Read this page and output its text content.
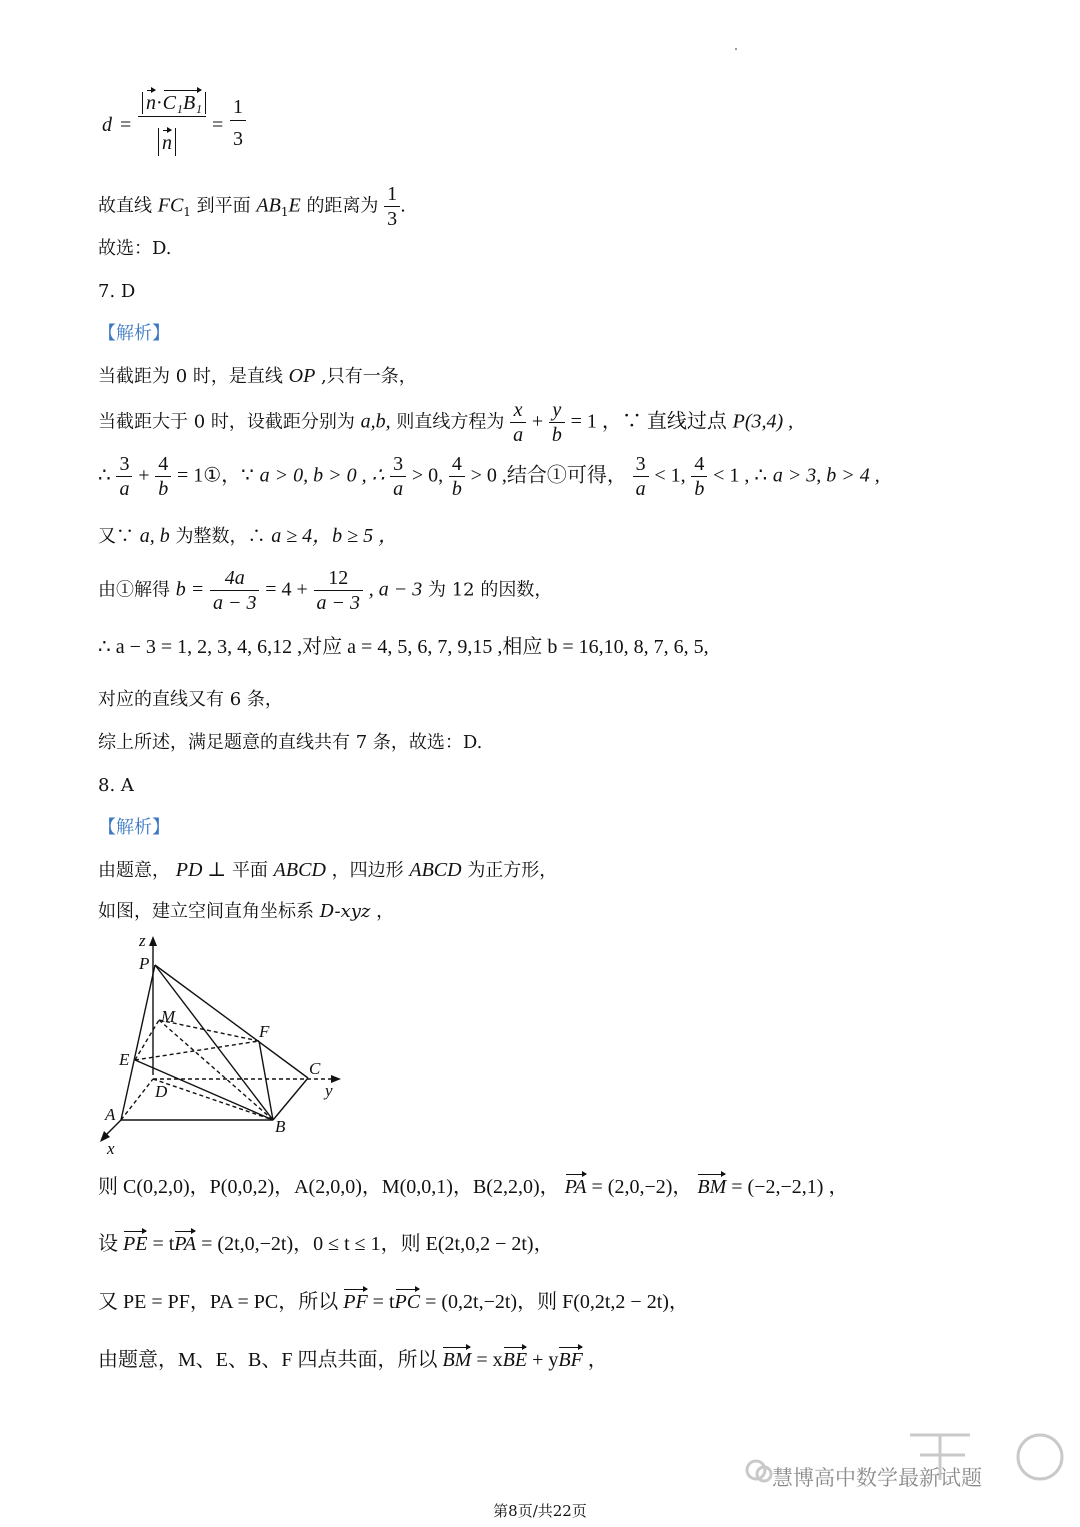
d =
n·C₁B₁
n
=
1
3
故直线 $FC_1$ 到平面 $AB_1E$ 的距离为 $\frac{1}{3}$ .
故选：D.
7. D
【解析】
当截距为 0 时，是直线 OP ,只有一条，
当截距大于 0 时，设截距分别为 a,b, 则直线方程为 $\frac{x}{a} + \frac{y}{b} = 1$ ，∵ 直线过点 P(3,4) ,
∴ $\frac{3}{a} + \frac{4}{b}$ = 1①，∵ a > 0, b > 0 , ∴ $\frac{3}{a} > 0$, $\frac{4}{b} > 0$ ,结合①可得， $\frac{3}{a} < 1$, $\frac{4}{b} < 1$ , ∴ a > 3, b > 4 ,
又∵ a, b 为整数，∴ a ≥ 4，b ≥ 5 ，
由①解得 $b = \frac{4a}{a - 3} = 4 + \frac{12}{a - 3}$ , a − 3 为 12 的因数，
∴ a − 3 = 1, 2, 3, 4, 6,12 ,对应 a = 4, 5, 6, 7, 9,15 ,相应 b = 16,10, 8, 7, 6, 5,
对应的直线又有 6 条，
综上所述，满足题意的直线共有 7 条，故选：D.
8. A
【解析】
由题意， PD ⊥ 平面 ABCD ，四边形 ABCD 为正方形，
如图，建立空间直角坐标系 D-xyz ，
z
P
M
F
E	C
y
D
A
B
x
则 C(0,2,0)，P(0,0,2)，A(2,0,0)，M(0,0,1)，B(2,2,0)， PA = (2,0,−2)， BM = (−2,−2,1) ，
设 PE = tPA = (2t,0,−2t)，0 ≤ t ≤ 1，则 E(2t,0,2 − 2t)，
又 PE = PF，PA = PC，所以 PF = tPC = (0,2t,−2t)，则 F(0,2t,2 − 2t)，
由题意，M、E、B、F 四点共面，所以 BM = xBE + yBF ，
慧博高中数学最新试题
第8页/共22页
